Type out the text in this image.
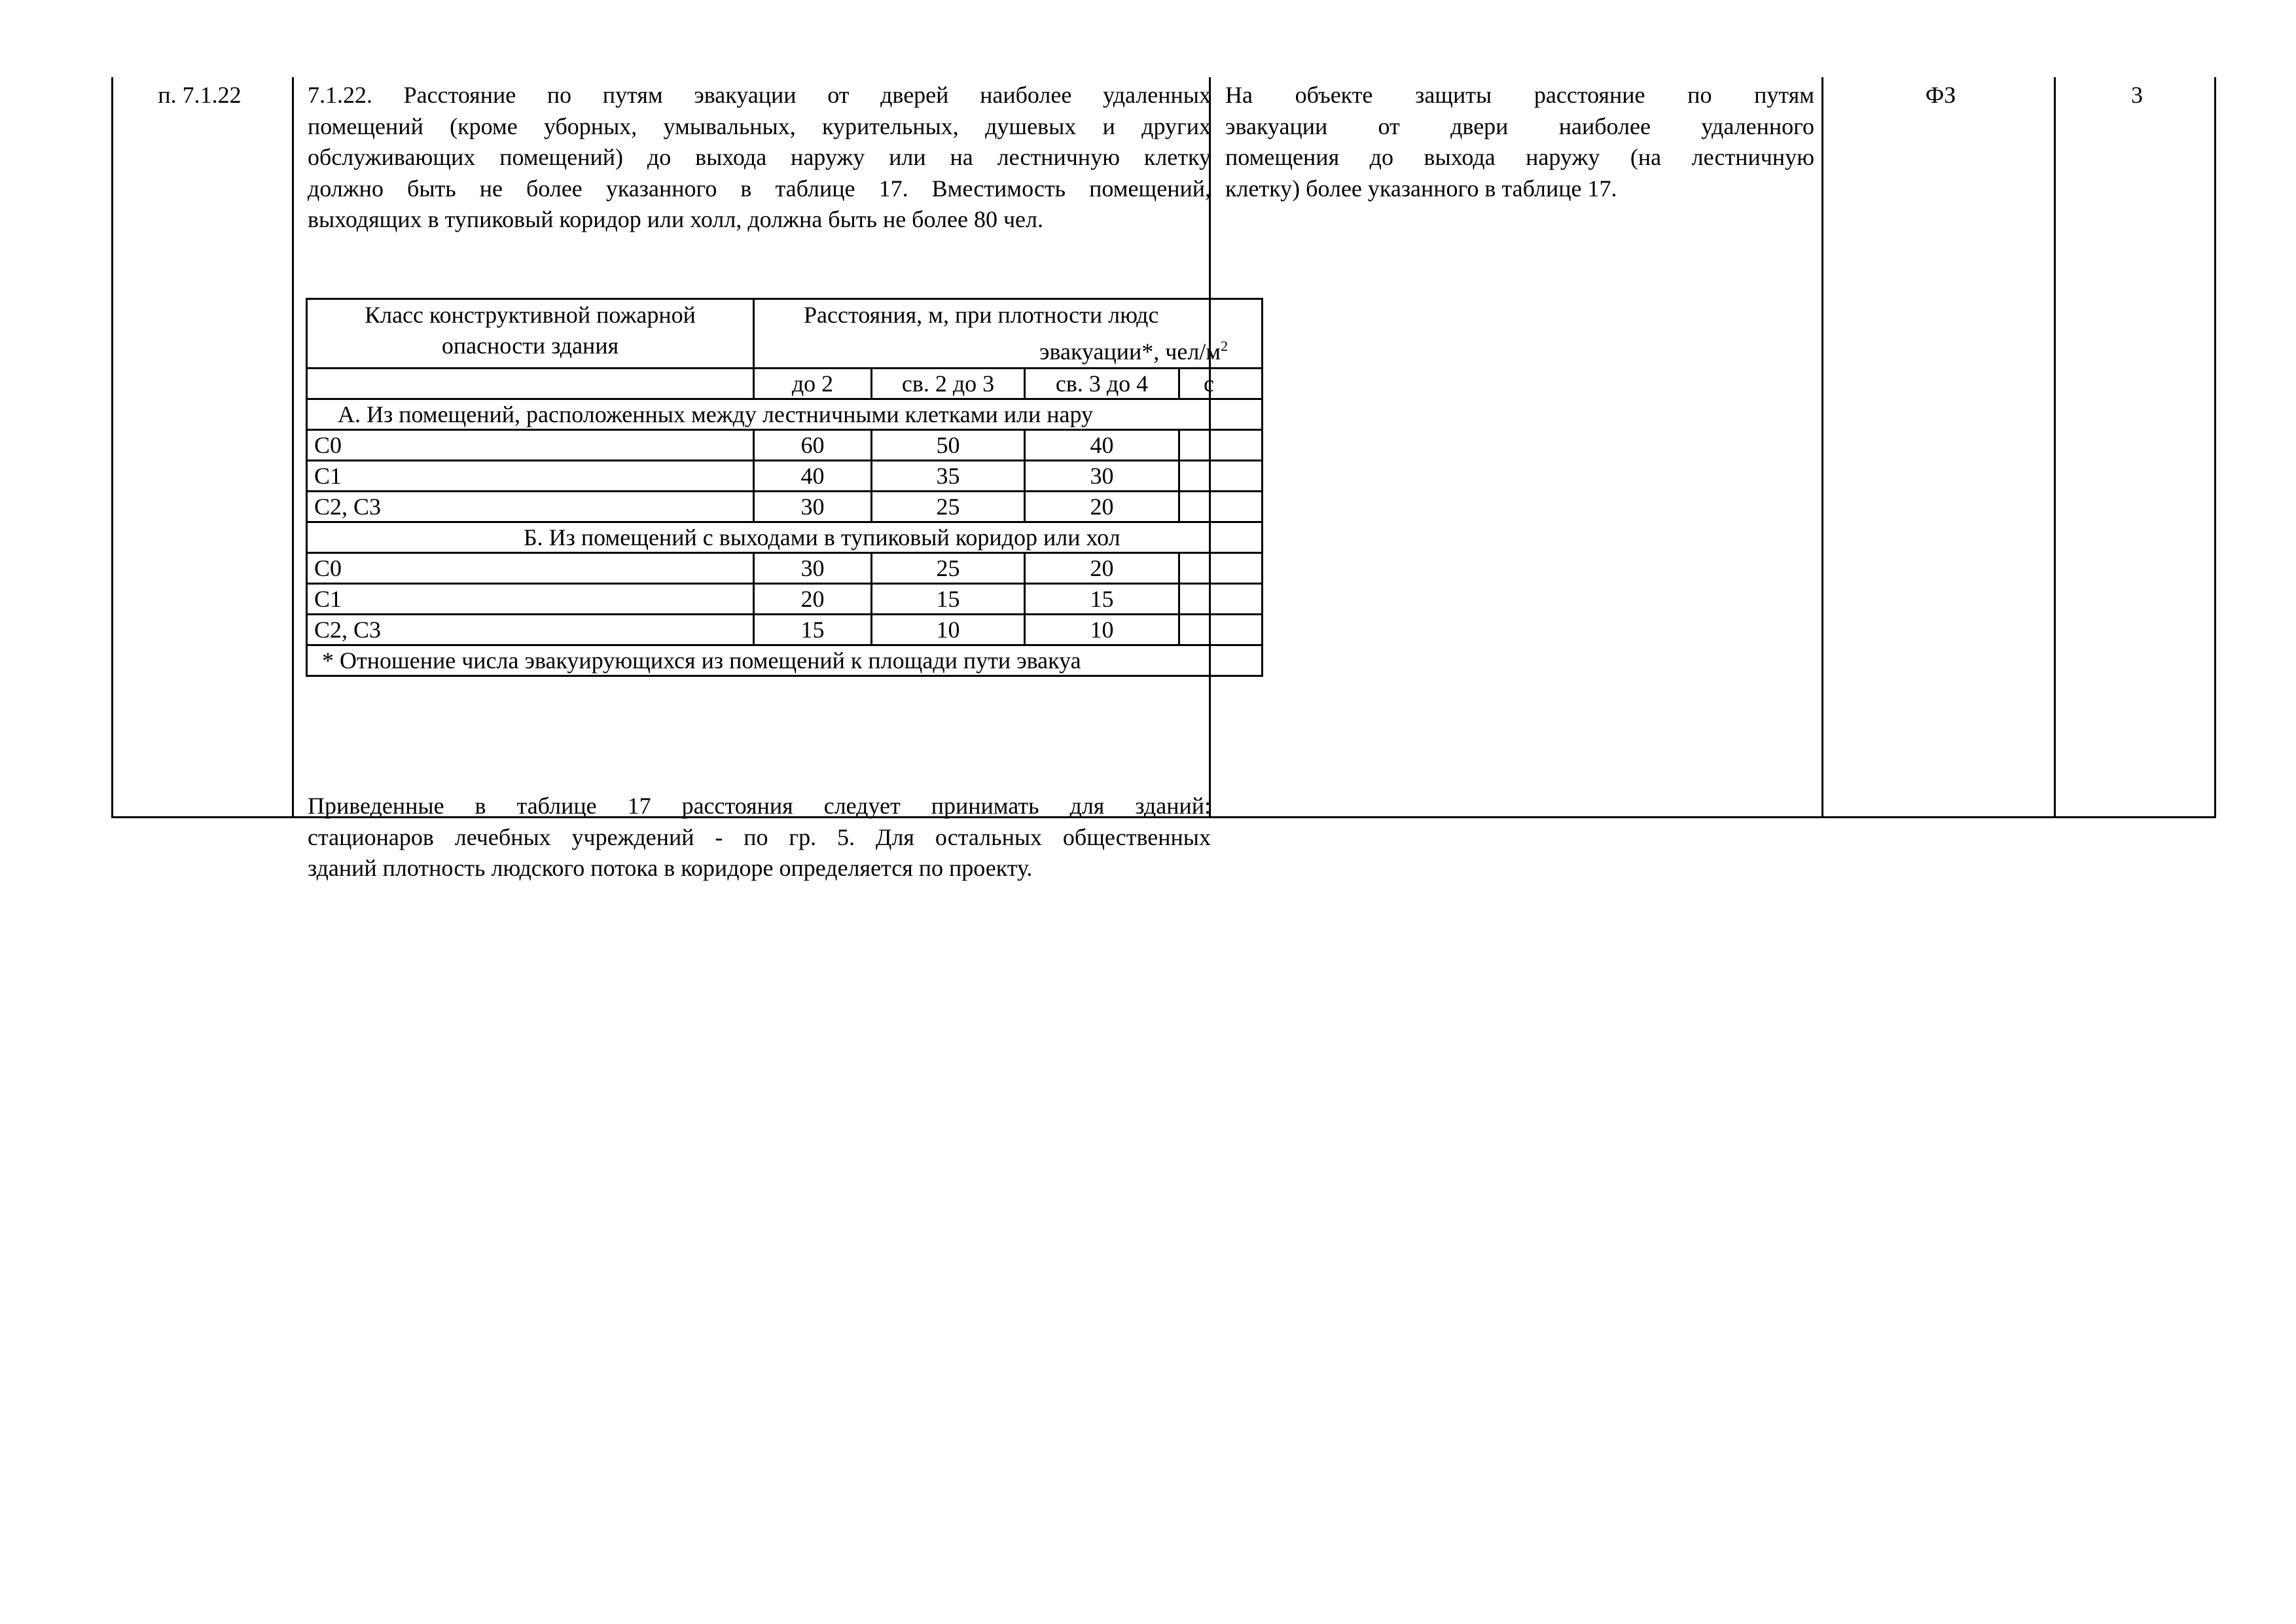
п. 7.1.22	7.1.22. Расстояние по путям эвакуации от дверей наиболее удаленных
помещений (кроме уборных, умывальных, курительных, душевых и других
обслуживающих помещений) до выхода наружу или на лестничную клетку
должно быть не более указанного в таблице 17. Вместимость помещений,
выходящих в тупиковый коридор или холл, должна быть не более 80 чел.
На объекте защиты расстояние по путям
эвакуации от двери наиболее удаленного
помещения до выхода наружу (на лестничную
клетку) более указанного в таблице 17.
ФЗ	3
Класс конструктивной пожарной опасности здания	Расстояния, м, при плотности людс
эвакуации*, чел/$м^2$

	до 2	св. 2 до 3	св. 3 до 4	с
А. Из помещений, расположенных между лестничными клетками или нару				
С0	60	50	40	
С1	40	35	30	
С2, С3	30	25	20	
Б. Из помещений с выходами в тупиковый коридор или хол				
С0	30	25	20	
С1	20	15	15	
С2, С3	15	10	10	
* Отношение числа эвакуирующихся из помещений к площади пути эвакуа				
Приведенные в таблице 17 расстояния следует принимать для зданий:
стационаров лечебных учреждений - по гр. 5. Для остальных общественных
зданий плотность людского потока в коридоре определяется по проекту.
